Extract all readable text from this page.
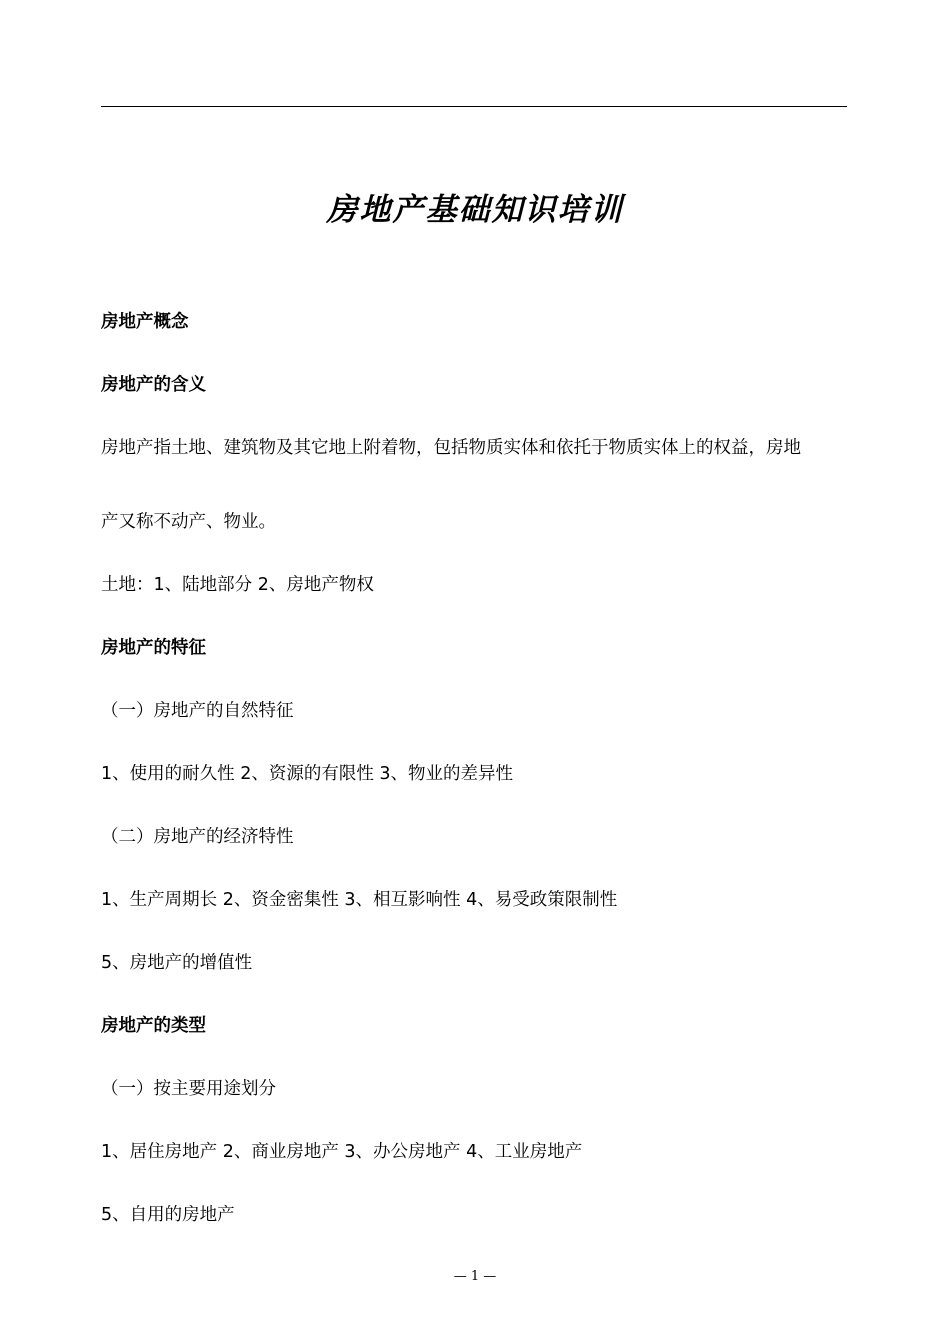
房地产基础知识培训

房地产概念

房地产的含义

房地产指土地、建筑物及其它地上附着物，包括物质实体和依托于物质实体上的权益，房地

产又称不动产、物业。

土地：1、陆地部分 2、房地产物权

房地产的特征

（一）房地产的自然特征

1、使用的耐久性 2、资源的有限性 3、物业的差异性

（二）房地产的经济特性

1、生产周期长 2、资金密集性 3、相互影响性 4、易受政策限制性

5、房地产的增值性

房地产的类型

（一）按主要用途划分

1、居住房地产 2、商业房地产 3、办公房地产 4、工业房地产

5、自用的房地产

— 1 —
